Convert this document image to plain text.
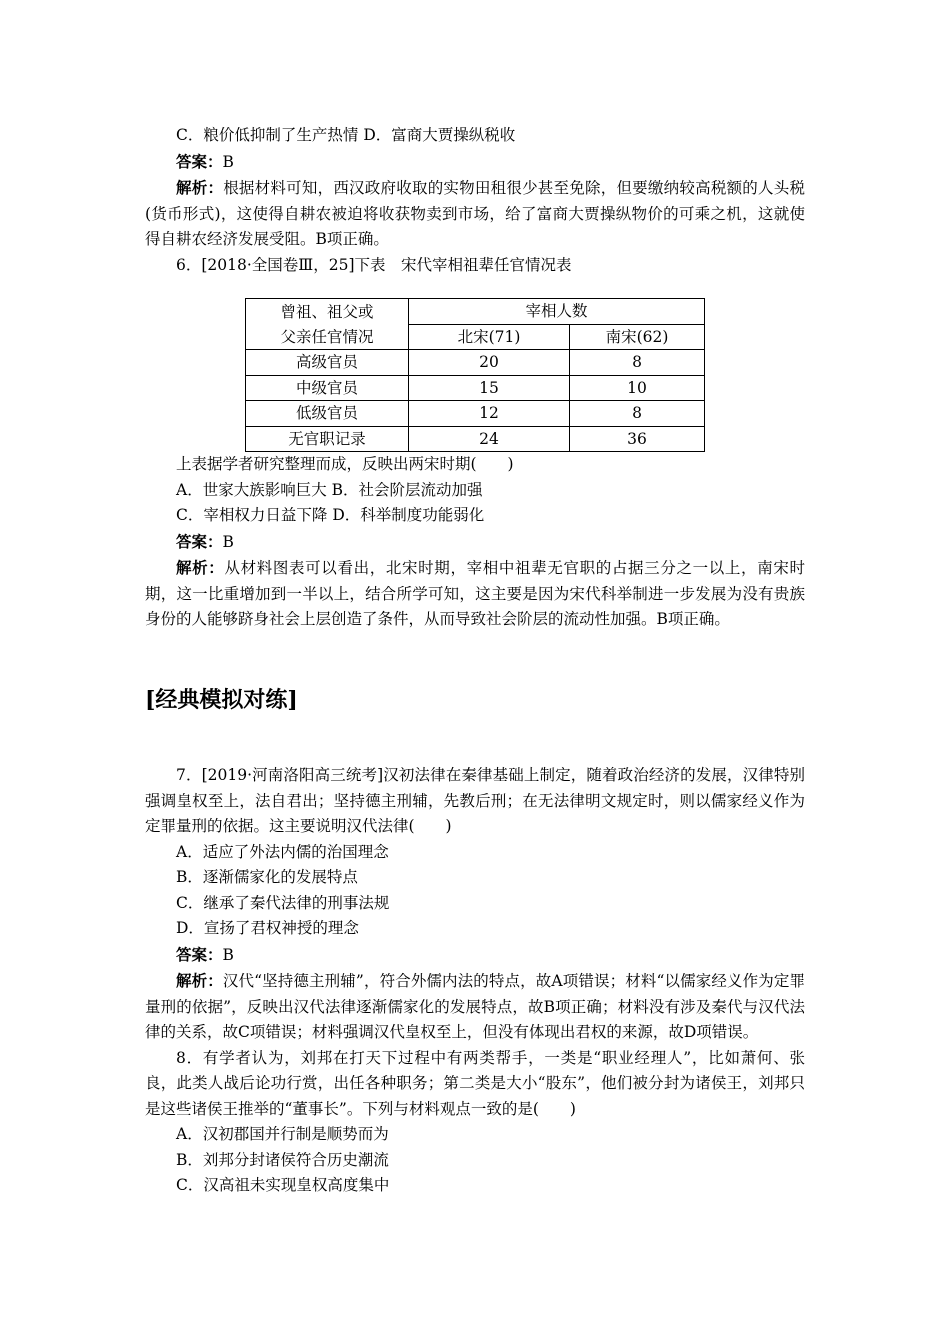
C．粮价低抑制了生产热情 D．富商大贾操纵税收

答案：B

解析：根据材料可知，西汉政府收取的实物田租很少甚至免除，但要缴纳较高税额的人头税(货币形式)，这使得自耕农被迫将收获物卖到市场，给了富商大贾操纵物价的可乘之机，这就使得自耕农经济发展受阻。B项正确。

6．[2018·全国卷Ⅲ，25]下表　宋代宰相祖辈任官情况表

曾祖、祖父或	宰相人数	
父亲任官情况	北宋(71)	南宋(62)
高级官员	20	8
中级官员	15	10
低级官员	12	8
无官职记录	24	36

上表据学者研究整理而成，反映出两宋时期(　　)

A．世家大族影响巨大 B．社会阶层流动加强

C．宰相权力日益下降 D．科举制度功能弱化

答案：B

解析：从材料图表可以看出，北宋时期，宰相中祖辈无官职的占据三分之一以上，南宋时期，这一比重增加到一半以上，结合所学可知，这主要是因为宋代科举制进一步发展为没有贵族身份的人能够跻身社会上层创造了条件，从而导致社会阶层的流动性加强。B项正确。

[经典模拟对练]

7．[2019·河南洛阳高三统考]汉初法律在秦律基础上制定，随着政治经济的发展，汉律特别强调皇权至上，法自君出；坚持德主刑辅，先教后刑；在无法律明文规定时，则以儒家经义作为定罪量刑的依据。这主要说明汉代法律(　　)

A．适应了外法内儒的治国理念

B．逐渐儒家化的发展特点

C．继承了秦代法律的刑事法规

D．宣扬了君权神授的理念

答案：B

解析：汉代“坚持德主刑辅”，符合外儒内法的特点，故A项错误；材料“以儒家经义作为定罪量刑的依据”，反映出汉代法律逐渐儒家化的发展特点，故B项正确；材料没有涉及秦代与汉代法律的关系，故C项错误；材料强调汉代皇权至上，但没有体现出君权的来源，故D项错误。

8．有学者认为，刘邦在打天下过程中有两类帮手，一类是“职业经理人”，比如萧何、张良，此类人战后论功行赏，出任各种职务；第二类是大小“股东”，他们被分封为诸侯王，刘邦只是这些诸侯王推举的“董事长”。下列与材料观点一致的是(　　)

A．汉初郡国并行制是顺势而为

B．刘邦分封诸侯符合历史潮流

C．汉高祖未实现皇权高度集中
